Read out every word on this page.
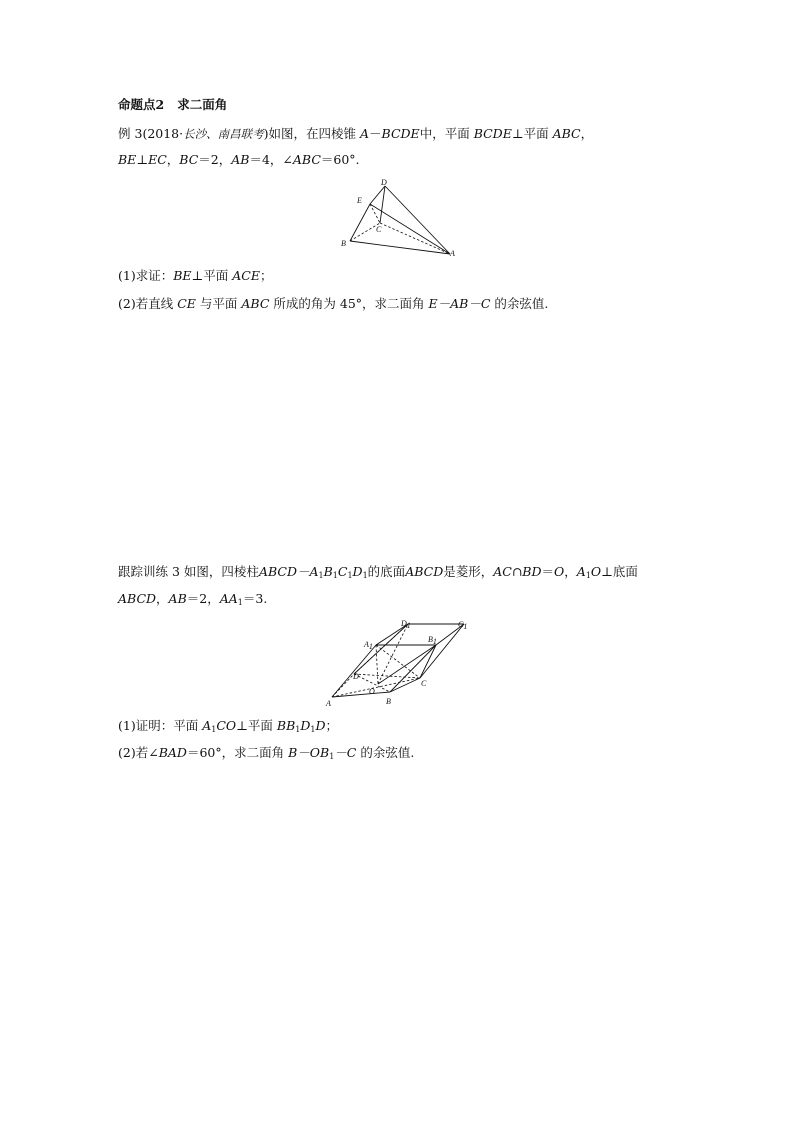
命题点2 求二面角
例 3(2018·长沙、南昌联考)如图，在四棱锥 A－BCDE中，平面 BCDE⊥平面 ABC，
BE⊥EC，BC＝2，AB＝4，∠ABC＝60°.
D
E
C
B
A
(1)求证：BE⊥平面 ACE；
(2)若直线 CE 与平面 ABC 所成的角为 45°，求二面角 E－AB－C 的余弦值.
跟踪训练 3 如图，四棱柱$ABCD-A_1B_1C_1D_1$的底面ABCD是菱形，AC∩BD＝O，$A_1O\perp$底面
ABCD，AB＝2，$AA_1=3$.
D1	C1
A1
B1
D
O
C
A	B
(1)证明：平面 $A_1CO\perp$平面 $BB_1D_1D$；
(2)若∠BAD＝60°，求二面角 $B-OB_1-C$ 的余弦值.
